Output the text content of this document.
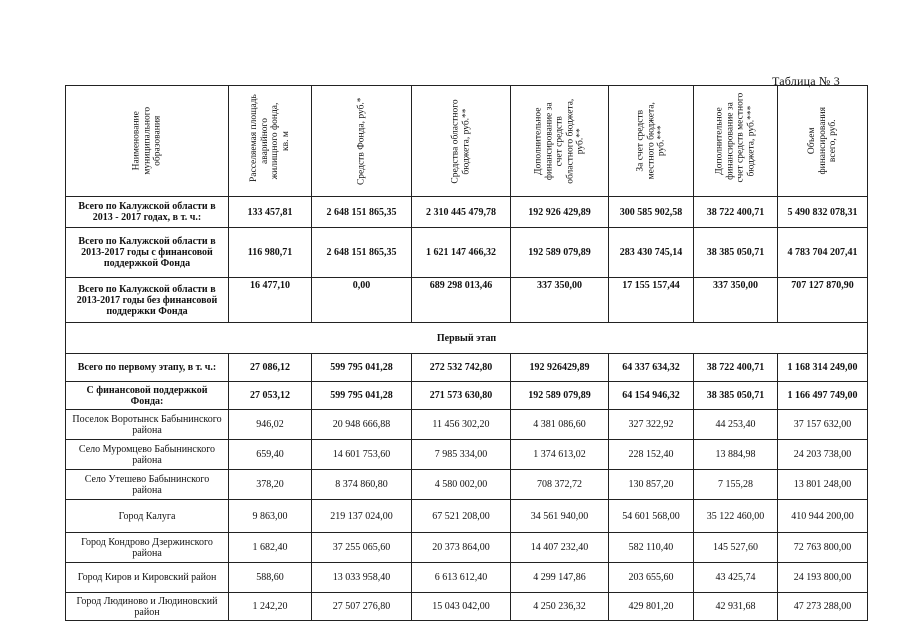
Таблица № 3
Наименование муниципального образования	Расселяемая площадь аварийного жилищного фонда, кв. м	Средств Фонда, руб.*	Средства областного бюджета, руб.**	Дополнительное финансирование за счет средств областного бюджета, руб.**	За счет средств местного бюджета, руб.***	Дополнительное финансирование за счет средств местного бюджета, руб.***	Объем финансирования всего, руб.

Всего по Калужской области в 2013 - 2017 годах, в т. ч.:	133 457,81	2 648 151 865,35	2 310 445 479,78	192 926 429,89	300 585 902,58	38 722 400,71	5 490 832 078,31
Всего по Калужской области в 2013-2017 годы с финансовой поддержкой Фонда	116 980,71	2 648 151 865,35	1 621 147 466,32	192 589 079,89	283 430 745,14	38 385 050,71	4 783 704 207,41
Всего по Калужской области в 2013-2017 годы без финансовой поддержки Фонда	16 477,10	0,00	689 298 013,46	337 350,00	17 155 157,44	337 350,00	707 127 870,90
Первый этап							
Всего по первому этапу, в т. ч.:	27 086,12	599 795 041,28	272 532 742,80	192 926429,89	64 337 634,32	38 722 400,71	1 168 314 249,00
С финансовой поддержкой Фонда:	27 053,12	599 795 041,28	271 573 630,80	192 589 079,89	64 154 946,32	38 385 050,71	1 166 497 749,00
Поселок Воротынск Бабынинского района	946,02	20 948 666,88	11 456 302,20	4 381 086,60	327 322,92	44 253,40	37 157 632,00
Село Муромцево Бабынинского района	659,40	14 601 753,60	7 985 334,00	1 374 613,02	228 152,40	13 884,98	24 203 738,00
Село Утешево Бабынинского района	378,20	8 374 860,80	4 580 002,00	708 372,72	130 857,20	7 155,28	13 801 248,00
Город Калуга	9 863,00	219 137 024,00	67 521 208,00	34 561 940,00	54 601 568,00	35 122 460,00	410 944 200,00
Город Кондрово Дзержинского района	1 682,40	37 255 065,60	20 373 864,00	14 407 232,40	582 110,40	145 527,60	72 763 800,00
Город Киров и Кировский район	588,60	13 033 958,40	6 613 612,40	4 299 147,86	203 655,60	43 425,74	24 193 800,00
Город Людиново и Людиновский район	1 242,20	27 507 276,80	15 043 042,00	4 250 236,32	429 801,20	42 931,68	47 273 288,00
